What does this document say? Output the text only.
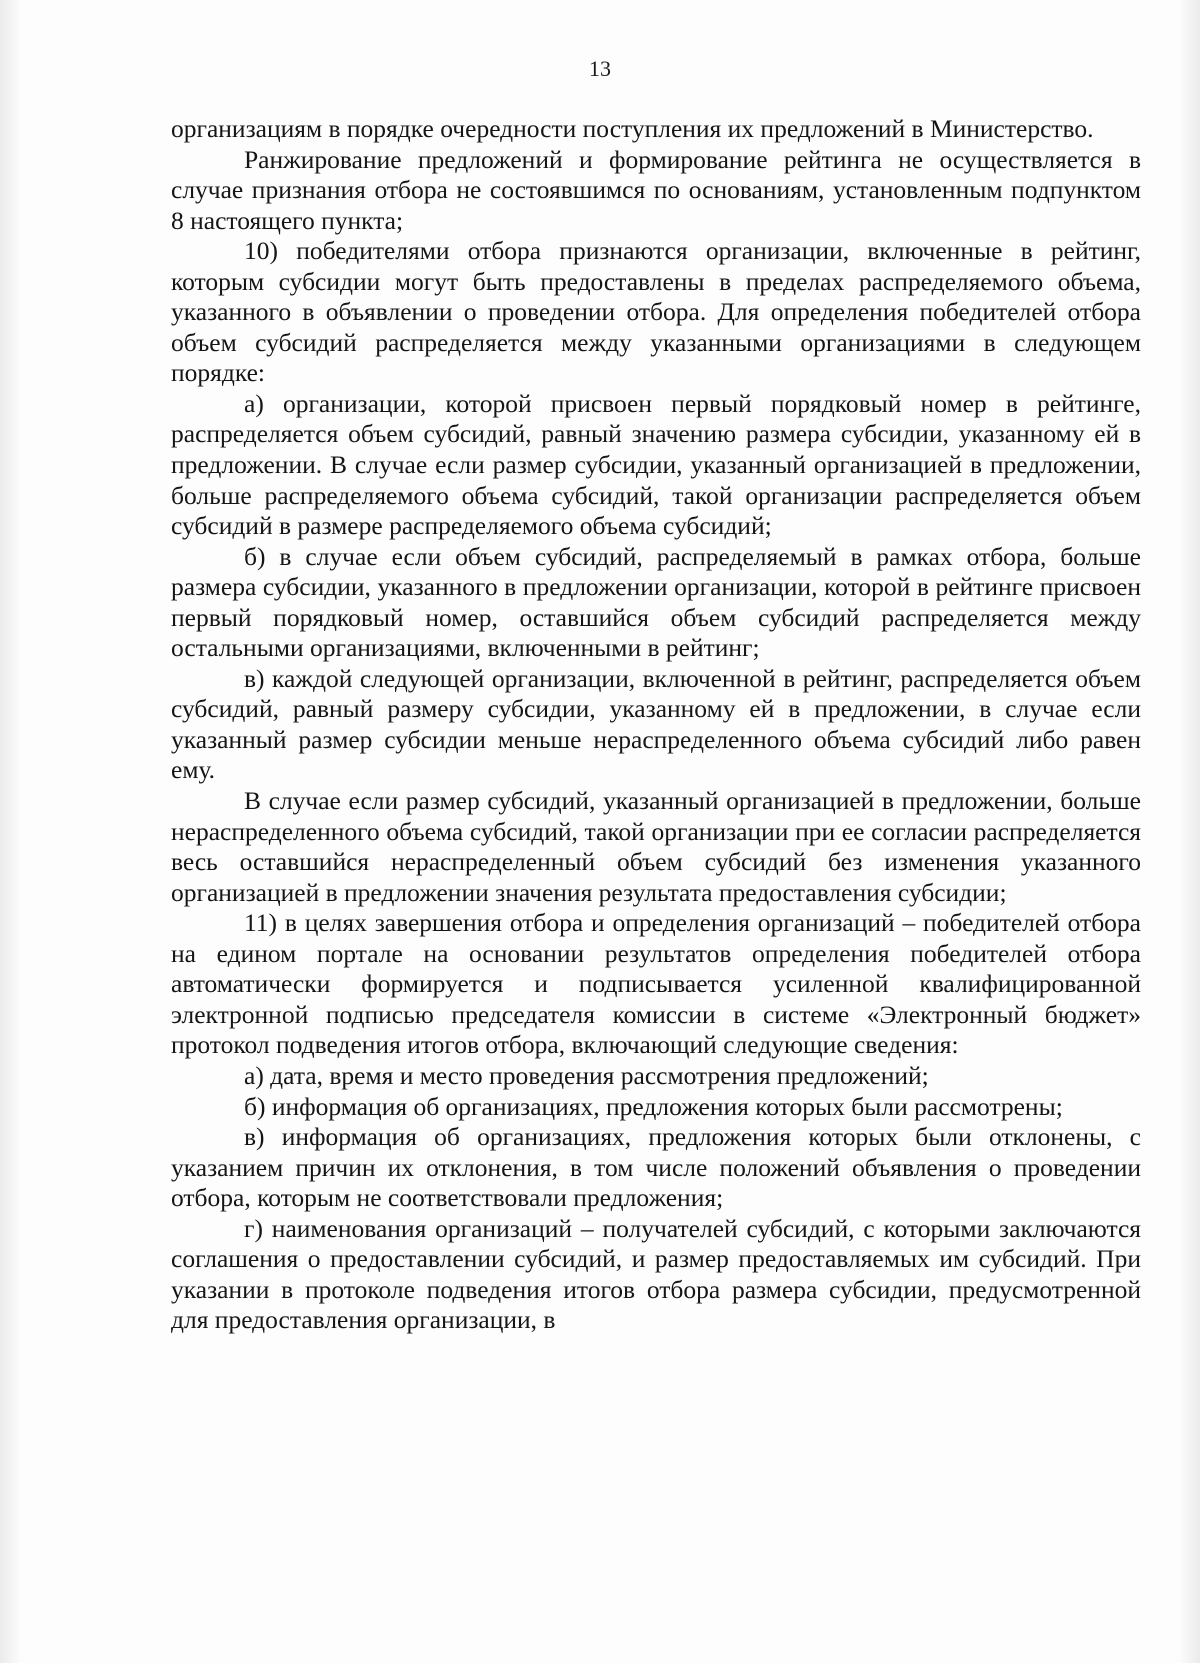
13

организациям в порядке очередности поступления их предложений в Министерство.

Ранжирование предложений и формирование рейтинга не осуществляется в случае признания отбора не состоявшимся по основаниям, установленным подпунктом 8 настоящего пункта;

10) победителями отбора признаются организации, включенные в рейтинг, которым субсидии могут быть предоставлены в пределах распределяемого объема, указанного в объявлении о проведении отбора. Для определения победителей отбора объем субсидий распределяется между указанными организациями в следующем порядке:

а) организации, которой присвоен первый порядковый номер в рейтинге, распределяется объем субсидий, равный значению размера субсидии, указанному ей в предложении. В случае если размер субсидии, указанный организацией в предложении, больше распределяемого объема субсидий, такой организации распределяется объем субсидий в размере распределяемого объема субсидий;

б) в случае если объем субсидий, распределяемый в рамках отбора, больше размера субсидии, указанного в предложении организации, которой в рейтинге присвоен первый порядковый номер, оставшийся объем субсидий распределяется между остальными организациями, включенными в рейтинг;

в) каждой следующей организации, включенной в рейтинг, распределяется объем субсидий, равный размеру субсидии, указанному ей в предложении, в случае если указанный размер субсидии меньше нераспределенного объема субсидий либо равен ему.

В случае если размер субсидий, указанный организацией в предложении, больше нераспределенного объема субсидий, такой организации при ее согласии распределяется весь оставшийся нераспределенный объем субсидий без изменения указанного организацией в предложении значения результата предоставления субсидии;

11) в целях завершения отбора и определения организаций – победителей отбора на едином портале на основании результатов определения победителей отбора автоматически формируется и подписывается усиленной квалифицированной электронной подписью председателя комиссии в системе «Электронный бюджет» протокол подведения итогов отбора, включающий следующие сведения:

а) дата, время и место проведения рассмотрения предложений;

б) информация об организациях, предложения которых были рассмотрены;

в) информация об организациях, предложения которых были отклонены, с указанием причин их отклонения, в том числе положений объявления о проведении отбора, которым не соответствовали предложения;

г) наименования организаций – получателей субсидий, с которыми заключаются соглашения о предоставлении субсидий, и размер предоставляемых им субсидий. При указании в протоколе подведения итогов отбора размера субсидии, предусмотренной для предоставления организации, в
